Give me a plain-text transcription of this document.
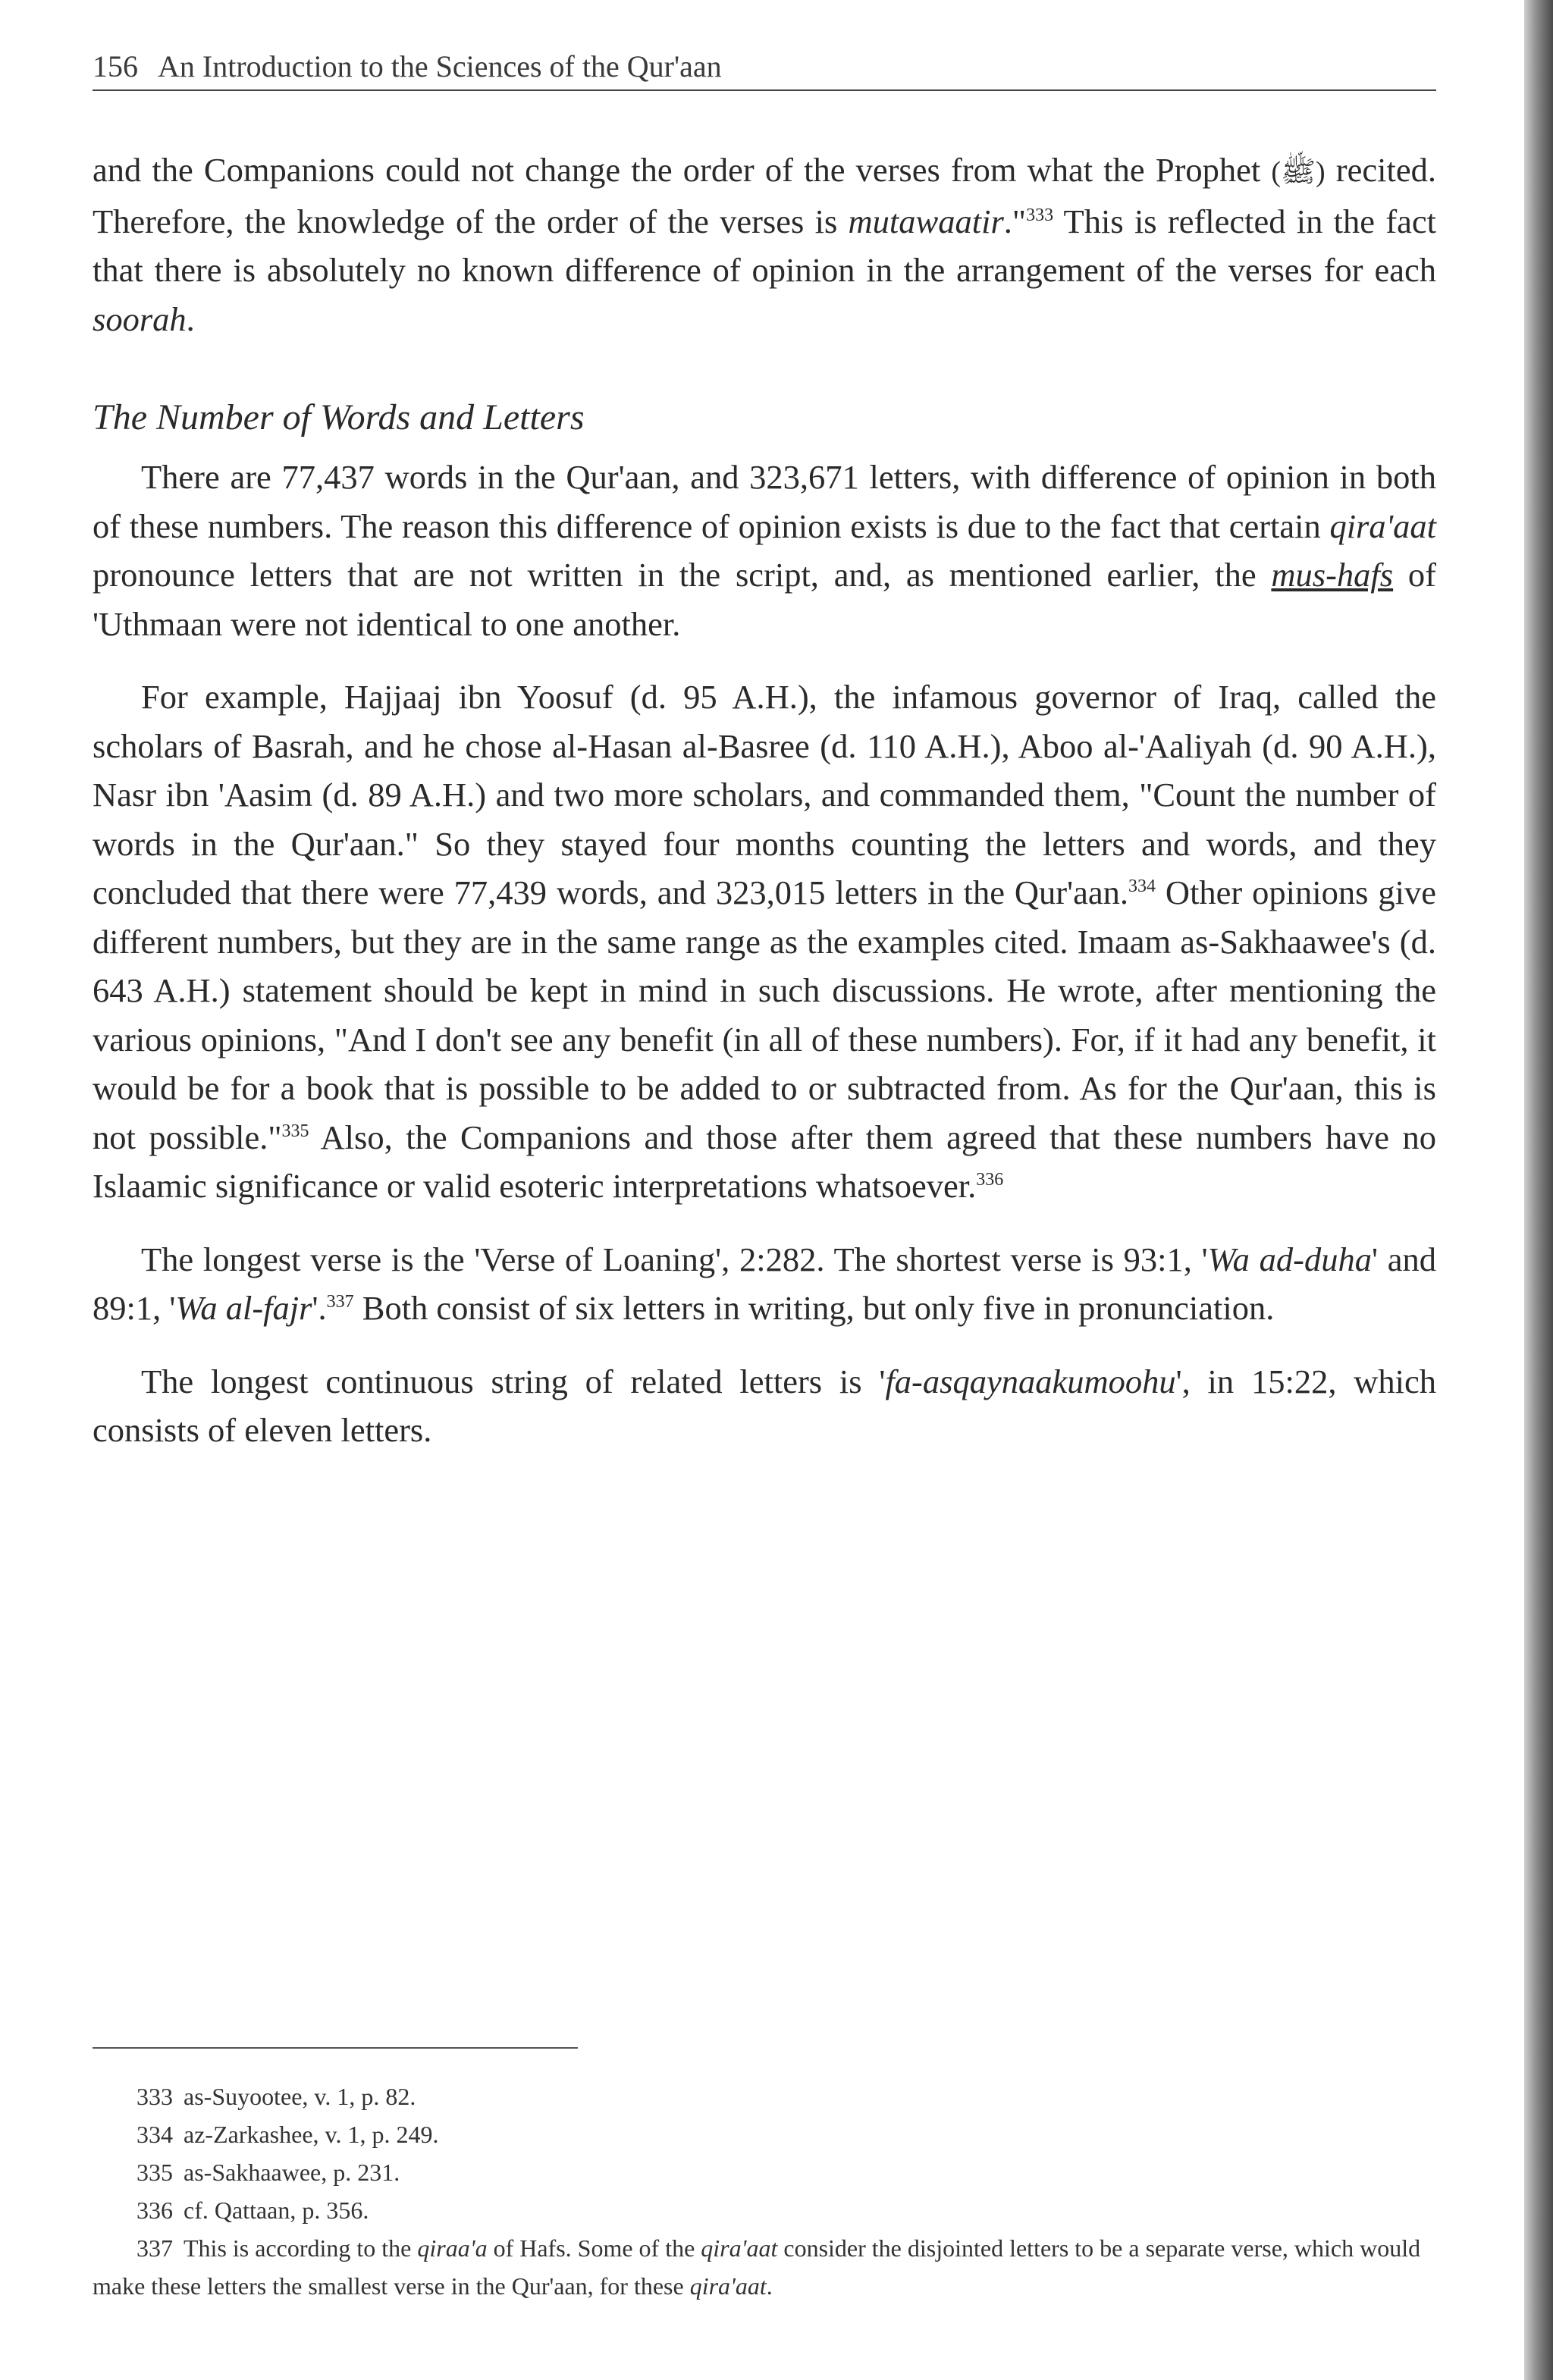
156 An Introduction to the Sciences of the Qur'aan

and the Companions could not change the order of the verses from what the Prophet (ﷺ) recited. Therefore, the knowledge of the order of the verses is mutawaatir."$^{333}$ This is reflected in the fact that there is absolutely no known difference of opinion in the arrangement of the verses for each soorah.

The Number of Words and Letters

There are 77,437 words in the Qur'aan, and 323,671 letters, with difference of opinion in both of these numbers. The reason this difference of opinion exists is due to the fact that certain qira'aat pronounce letters that are not written in the script, and, as mentioned earlier, the mus-hafs of 'Uthmaan were not identical to one another.

For example, Hajjaaj ibn Yoosuf (d. 95 A.H.), the infamous governor of Iraq, called the scholars of Basrah, and he chose al-Hasan al-Basree (d. 110 A.H.), Aboo al-'Aaliyah (d. 90 A.H.), Nasr ibn 'Aasim (d. 89 A.H.) and two more scholars, and commanded them, "Count the number of words in the Qur'aan." So they stayed four months counting the letters and words, and they concluded that there were 77,439 words, and 323,015 letters in the Qur'aan.$^{334}$ Other opinions give different numbers, but they are in the same range as the examples cited. Imaam as-Sakhaawee's (d. 643 A.H.) statement should be kept in mind in such discussions. He wrote, after mentioning the various opinions, "And I don't see any benefit (in all of these numbers). For, if it had any benefit, it would be for a book that is possible to be added to or subtracted from. As for the Qur'aan, this is not possible."$^{335}$ Also, the Companions and those after them agreed that these numbers have no Islaamic significance or valid esoteric interpretations whatsoever.$^{336}$

The longest verse is the 'Verse of Loaning', 2:282. The shortest verse is 93:1, 'Wa ad-duha' and 89:1, 'Wa al-fajr'.$^{337}$ Both consist of six letters in writing, but only five in pronunciation.

The longest continuous string of related letters is 'fa-asqaynaakumoohu', in 15:22, which consists of eleven letters.

333 as-Suyootee, v. 1, p. 82.

334 az-Zarkashee, v. 1, p. 249.

335 as-Sakhaawee, p. 231.

336 cf. Qattaan, p. 356.

337 This is according to the qiraa'a of Hafs. Some of the qira'aat consider the disjointed letters to be a separate verse, which would make these letters the smallest verse in the Qur'aan, for these qira'aat.
